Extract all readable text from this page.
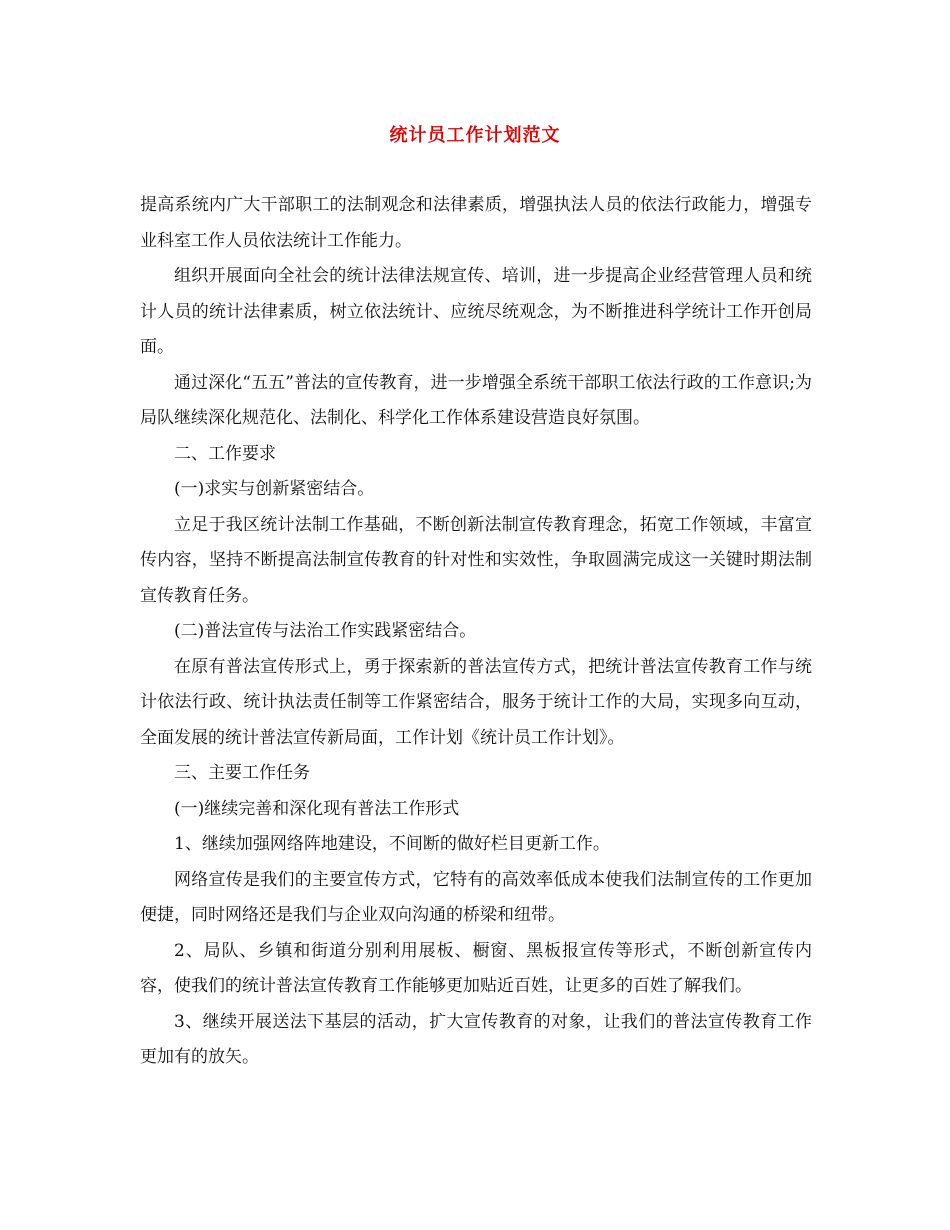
统计员工作计划范文

提高系统内广大干部职工的法制观念和法律素质，增强执法人员的依法行政能力，增强专业科室工作人员依法统计工作能力。

组织开展面向全社会的统计法律法规宣传、培训，进一步提高企业经营管理人员和统计人员的统计法律素质，树立依法统计、应统尽统观念，为不断推进科学统计工作开创局面。

通过深化“五五”普法的宣传教育，进一步增强全系统干部职工依法行政的工作意识;为局队继续深化规范化、法制化、科学化工作体系建设营造良好氛围。

二、工作要求

(一)求实与创新紧密结合。

立足于我区统计法制工作基础，不断创新法制宣传教育理念，拓宽工作领域，丰富宣传内容，坚持不断提高法制宣传教育的针对性和实效性，争取圆满完成这一关键时期法制宣传教育任务。

(二)普法宣传与法治工作实践紧密结合。

在原有普法宣传形式上，勇于探索新的普法宣传方式，把统计普法宣传教育工作与统计依法行政、统计执法责任制等工作紧密结合，服务于统计工作的大局，实现多向互动，全面发展的统计普法宣传新局面，工作计划《统计员工作计划》。

三、主要工作任务

(一)继续完善和深化现有普法工作形式

1、继续加强网络阵地建设，不间断的做好栏目更新工作。

网络宣传是我们的主要宣传方式，它特有的高效率低成本使我们法制宣传的工作更加便捷，同时网络还是我们与企业双向沟通的桥梁和纽带。

2、局队、乡镇和街道分别利用展板、橱窗、黑板报宣传等形式，不断创新宣传内容，使我们的统计普法宣传教育工作能够更加贴近百姓，让更多的百姓了解我们。

3、继续开展送法下基层的活动，扩大宣传教育的对象，让我们的普法宣传教育工作更加有的放矢。
